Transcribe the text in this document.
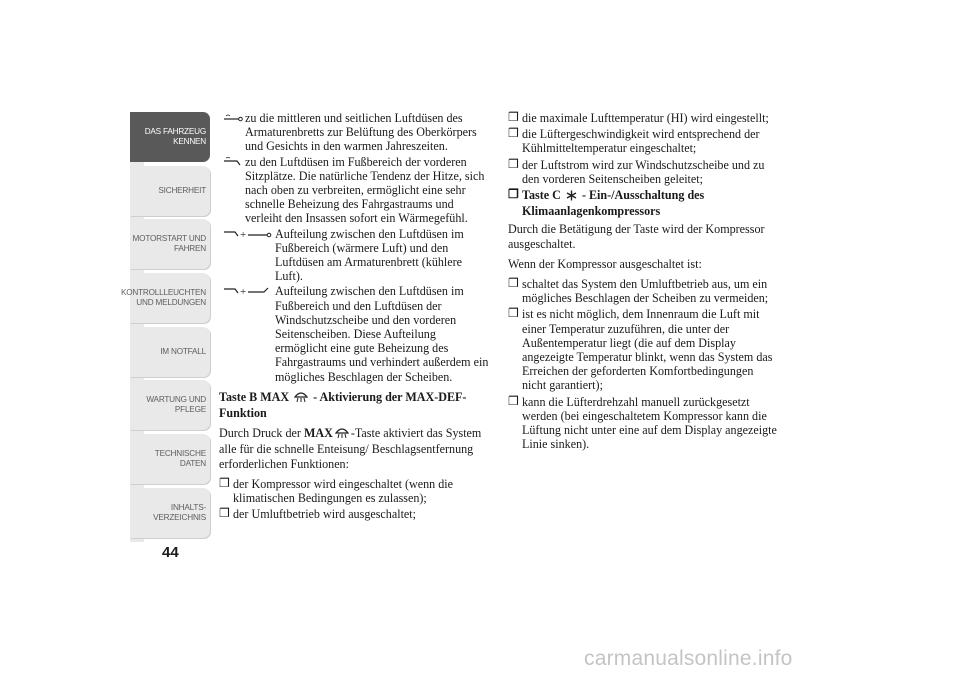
DAS FAHRZEUG
KENNEN
SICHERHEIT
MOTORSTART UND
FAHREN
KONTROLLLEUCHTEN
UND MELDUNGEN
IM NOTFALL
WARTUNG UND
PFLEGE
TECHNISCHE
DATEN
INHALTS-
VERZEICHNIS
44
zu die mittleren und seitlichen Luftdüsen des Armaturenbretts zur Belüftung des Oberkörpers und Gesichts in den warmen Jahreszeiten.
zu den Luftdüsen im Fußbereich der vorderen Sitzplätze. Die natürliche Tendenz der Hitze, sich nach oben zu verbreiten, ermöglicht eine sehr schnelle Beheizung des Fahrgastraums und verleiht den Insassen sofort ein Wärmegefühl.
+ Aufteilung zwischen den Luftdüsen im Fußbereich (wärmere Luft) und den Luftdüsen am Armaturenbrett (kühlere Luft).
+ Aufteilung zwischen den Luftdüsen im Fußbereich und den Luftdüsen der Windschutzscheibe und den vorderen Seitenscheiben. Diese Aufteilung ermöglicht eine gute Beheizung des Fahrgastraums und verhindert außerdem ein mögliches Beschlagen der Scheiben.
Taste B MAX - Aktivierung der MAX-DEF-Funktion
Durch Druck der MAX -Taste aktiviert das System alle für die schnelle Enteisung/ Beschlagsentfernung erforderlichen Funktionen:
❒ der Kompressor wird eingeschaltet (wenn die klimatischen Bedingungen es zulassen);
❒ der Umluftbetrieb wird ausgeschaltet;
❒ die maximale Lufttemperatur (HI) wird eingestellt;
❒ die Lüftergeschwindigkeit wird entsprechend der Kühlmitteltemperatur eingeschaltet;
❒ der Luftstrom wird zur Windschutzscheibe und zu den vorderen Seitenscheiben geleitet;
❒ Taste C - Ein-/Ausschaltung des Klimaanlagenkompressors
Durch die Betätigung der Taste wird der Kompressor ausgeschaltet.
Wenn der Kompressor ausgeschaltet ist:
❒ schaltet das System den Umluftbetrieb aus, um ein mögliches Beschlagen der Scheiben zu vermeiden;
❒ ist es nicht möglich, dem Innenraum die Luft mit einer Temperatur zuzuführen, die unter der Außentemperatur liegt (die auf dem Display angezeigte Temperatur blinkt, wenn das System das Erreichen der geforderten Komfortbedingungen nicht garantiert);
❒ kann die Lüfterdrehzahl manuell zurückgesetzt werden (bei eingeschaltetem Kompressor kann die Lüftung nicht unter eine auf dem Display angezeigte Linie sinken).
carmanualsonline.info
